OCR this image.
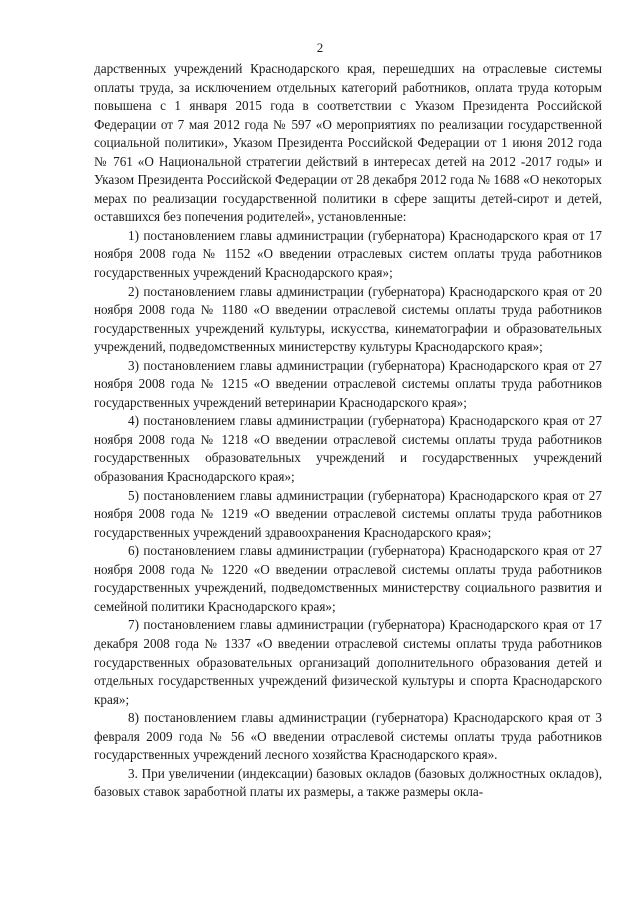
2

дарственных учреждений Краснодарского края, перешедших на отраслевые системы оплаты труда, за исключением отдельных категорий работников, оплата труда которым повышена с 1 января 2015 года в соответствии с Указом Президента Российской Федерации от 7 мая 2012 года № 597 «О мероприятиях по реализации государственной социальной политики», Указом Президента Российской Федерации от 1 июня 2012 года № 761 «О Национальной стратегии действий в интересах детей на 2012 -2017 годы» и Указом Президента Российской Федерации от 28 декабря 2012 года № 1688 «О некоторых мерах по реализации государственной политики в сфере защиты детей-сирот и детей, оставшихся без попечения родителей», установленные:

1) постановлением главы администрации (губернатора) Краснодарского края от 17 ноября 2008 года № 1152 «О введении отраслевых систем оплаты труда работников государственных учреждений Краснодарского края»;

2) постановлением главы администрации (губернатора) Краснодарского края от 20 ноября 2008 года № 1180 «О введении отраслевой системы оплаты труда работников государственных учреждений культуры, искусства, кинематографии и образовательных учреждений, подведомственных министерству культуры Краснодарского края»;

3) постановлением главы администрации (губернатора) Краснодарского края от 27 ноября 2008 года № 1215 «О введении отраслевой системы оплаты труда работников государственных учреждений ветеринарии Краснодарского края»;

4) постановлением главы администрации (губернатора) Краснодарского края от 27 ноября 2008 года № 1218 «О введении отраслевой системы оплаты труда работников государственных образовательных учреждений и государственных учреждений образования Краснодарского края»;

5) постановлением главы администрации (губернатора) Краснодарского края от 27 ноября 2008 года № 1219 «О введении отраслевой системы оплаты труда работников государственных учреждений здравоохранения Краснодарского края»;

6) постановлением главы администрации (губернатора) Краснодарского края от 27 ноября 2008 года № 1220 «О введении отраслевой системы оплаты труда работников государственных учреждений, подведомственных министерству социального развития и семейной политики Краснодарского края»;

7) постановлением главы администрации (губернатора) Краснодарского края от 17 декабря 2008 года № 1337 «О введении отраслевой системы оплаты труда работников государственных образовательных организаций дополнительного образования детей и отдельных государственных учреждений физической культуры и спорта Краснодарского края»;

8) постановлением главы администрации (губернатора) Краснодарского края от 3 февраля 2009 года № 56 «О введении отраслевой системы оплаты труда работников государственных учреждений лесного хозяйства Краснодарского края».

3. При увеличении (индексации) базовых окладов (базовых должностных окладов), базовых ставок заработной платы их размеры, а также размеры окла-
